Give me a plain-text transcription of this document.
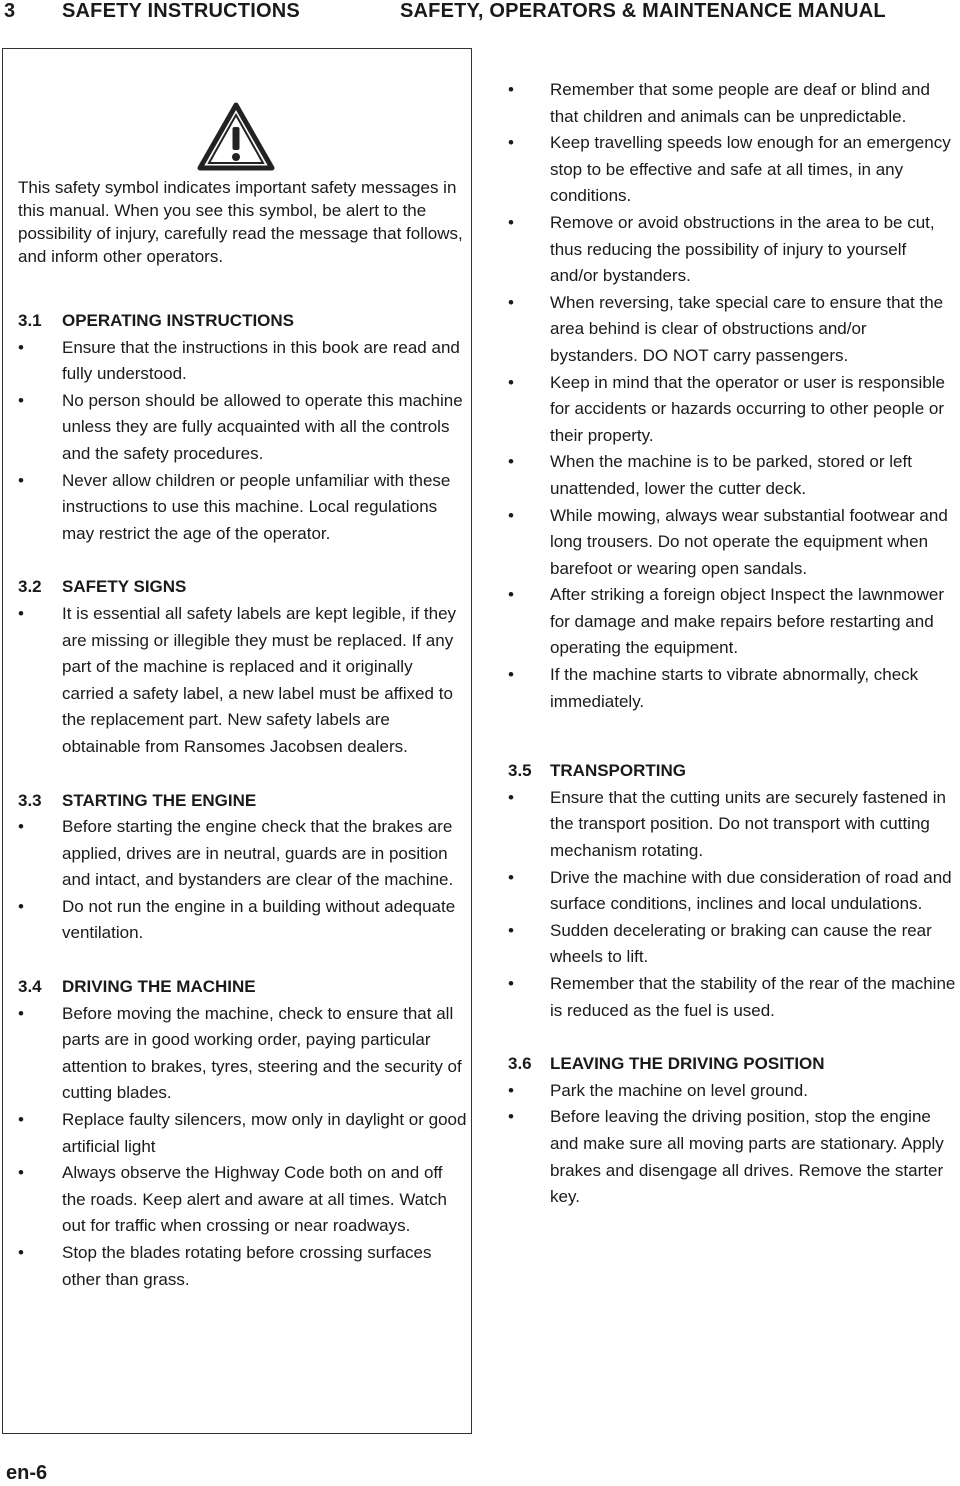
3 SAFETY INSTRUCTIONS	SAFETY, OPERATORS & MAINTENANCE MANUAL

This safety symbol indicates important safety messages in this manual. When you see this symbol, be alert to the possibility of injury, carefully read the message that follows, and inform other operators.

3.1	OPERATING INSTRUCTIONS
•	Ensure that the instructions in this book are read and fully understood.
•	No person should be allowed to operate this machine unless they are fully acquainted with all the controls and the safety procedures.
•	Never allow children or people unfamiliar with these instructions to use this machine. Local regulations may restrict the age of the operator.
3.2	SAFETY SIGNS
•	It is essential all safety labels are kept legible, if they are missing or illegible they must be replaced. If any part of the machine is replaced and it originally carried a safety label, a new label must be affixed to the replacement part. New safety labels are obtainable from Ransomes Jacobsen dealers.
3.3	STARTING THE ENGINE
•	Before starting the engine check that the brakes are applied, drives are in neutral, guards are in position and intact, and bystanders are clear of the machine.
•	Do not run the engine in a building without adequate ventilation.
3.4	DRIVING THE MACHINE
•	Before moving the machine, check to ensure that all parts are in good working order, paying particular attention to brakes, tyres, steering and the security of cutting blades.
•	Replace faulty silencers, mow only in daylight or good artificial light
•	Always observe the Highway Code both on and off the roads. Keep alert and aware at all times. Watch out for traffic when crossing or near roadways.
•	Stop the blades rotating before crossing surfaces other than grass.
•	Remember that some people are deaf or blind and that children and animals can be unpredictable.
•	Keep travelling speeds low enough for an emergency stop to be effective and safe at all times, in any conditions.
•	Remove or avoid obstructions in the area to be cut, thus reducing the possibility of injury to yourself and/or bystanders.
•	When reversing, take special care to ensure that the area behind is clear of obstructions and/or bystanders. DO NOT carry passengers.
•	Keep in mind that the operator or user is responsible for accidents or hazards occurring to other people or their property.
•	When the machine is to be parked, stored or left unattended, lower the cutter deck.
•	While mowing, always wear substantial footwear and long trousers. Do not operate the equipment when barefoot or wearing open sandals.
•	After striking a foreign object Inspect the lawnmower for damage and make repairs before restarting and operating the equipment.
•	If the machine starts to vibrate abnormally, check immediately.
3.5	TRANSPORTING
•	Ensure that the cutting units are securely fastened in the transport position. Do not transport with cutting mechanism rotating.
•	Drive the machine with due consideration of road and surface conditions, inclines and local undulations.
•	Sudden decelerating or braking can cause the rear wheels to lift.
•	Remember that the stability of the rear of the machine is reduced as the fuel is used.
3.6	LEAVING THE DRIVING POSITION
•	Park the machine on level ground.
•	Before leaving the driving position, stop the engine and make sure all moving parts are stationary. Apply brakes and disengage all drives. Remove the starter key.
en-6
